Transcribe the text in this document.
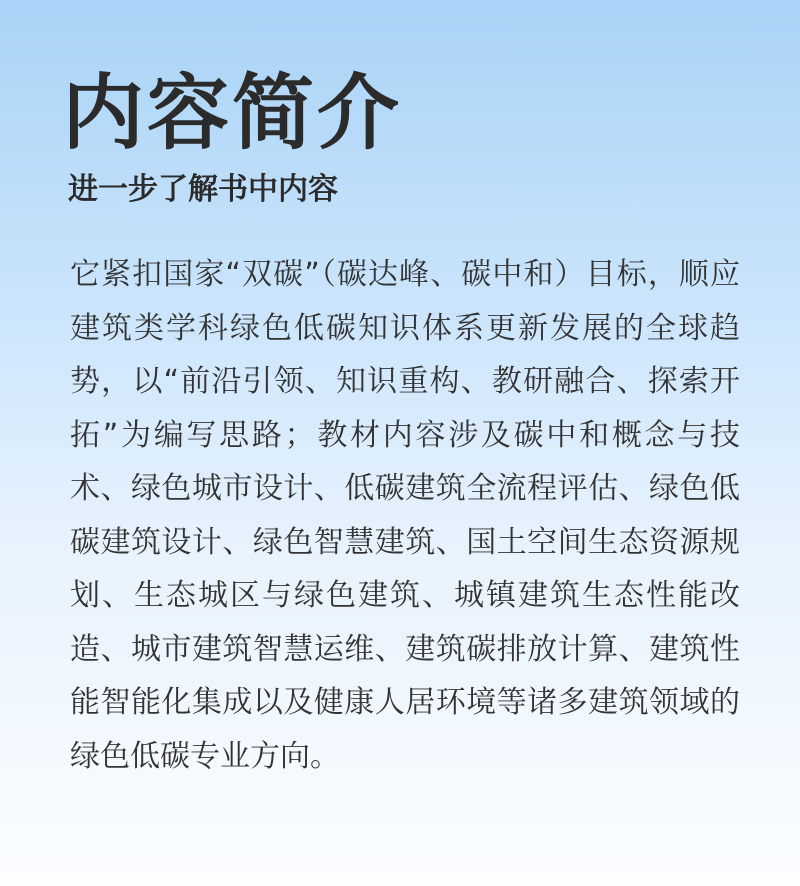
内容简介
进一步了解书中内容

它紧扣国家“双碳”（碳达峰、碳中和）目标，顺应建筑类学科绿色低碳知识体系更新发展的全球趋势，以“前沿引领、知识重构、教研融合、探索开拓”为编写思路；教材内容涉及碳中和概念与技术、绿色城市设计、低碳建筑全流程评估、绿色低碳建筑设计、绿色智慧建筑、国土空间生态资源规划、生态城区与绿色建筑、城镇建筑生态性能改造、城市建筑智慧运维、建筑碳排放计算、建筑性能智能化集成以及健康人居环境等诸多建筑领域的绿色低碳专业方向。
